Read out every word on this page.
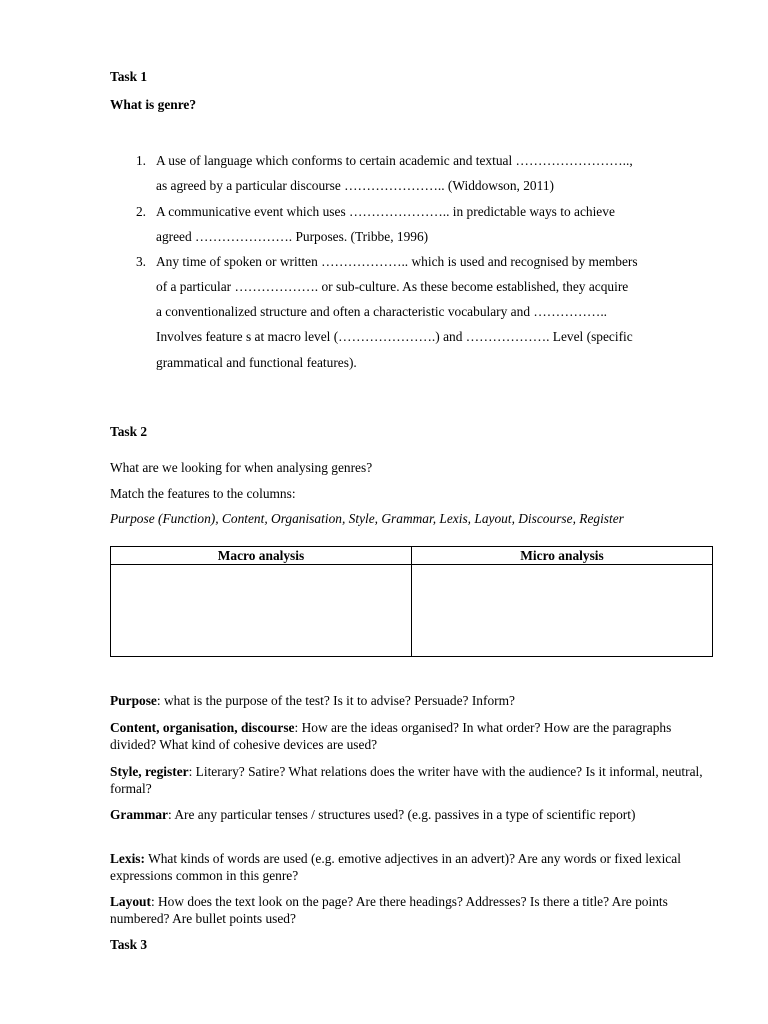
Task 1
What is genre?
1. A use of language which conforms to certain academic and textual ……………………..,
as agreed by a particular discourse ………………….. (Widdowson, 2011)
2. A communicative event which uses ………………….. in predictable ways to achieve
agreed …………………. Purposes. (Tribbe, 1996)
3. Any time of spoken or written ……………….. which is used and recognised by members
of a particular ………………. or sub-culture. As these become established, they acquire
a conventionalized structure and often a characteristic vocabulary and ……………..
Involves feature s at macro level (………………….) and ………………. Level (specific
grammatical and functional features).
Task 2
What are we looking for when analysing genres?
Match the features to the columns:
Purpose (Function), Content, Organisation, Style, Grammar, Lexis, Layout, Discourse, Register
Macro analysis	Micro analysis

Purpose: what is the purpose of the test? Is it to advise? Persuade? Inform?
Content, organisation, discourse: How are the ideas organised? In what order? How are the paragraphs divided? What kind of cohesive devices are used?
Style, register: Literary? Satire? What relations does the writer have with the audience? Is it informal, neutral, formal?
Grammar: Are any particular tenses / structures used? (e.g. passives in a type of scientific report)
Lexis: What kinds of words are used (e.g. emotive adjectives in an advert)? Are any words or fixed lexical expressions common in this genre?
Layout: How does the text look on the page? Are there headings? Addresses? Is there a title? Are points numbered? Are bullet points used?
Task 3
